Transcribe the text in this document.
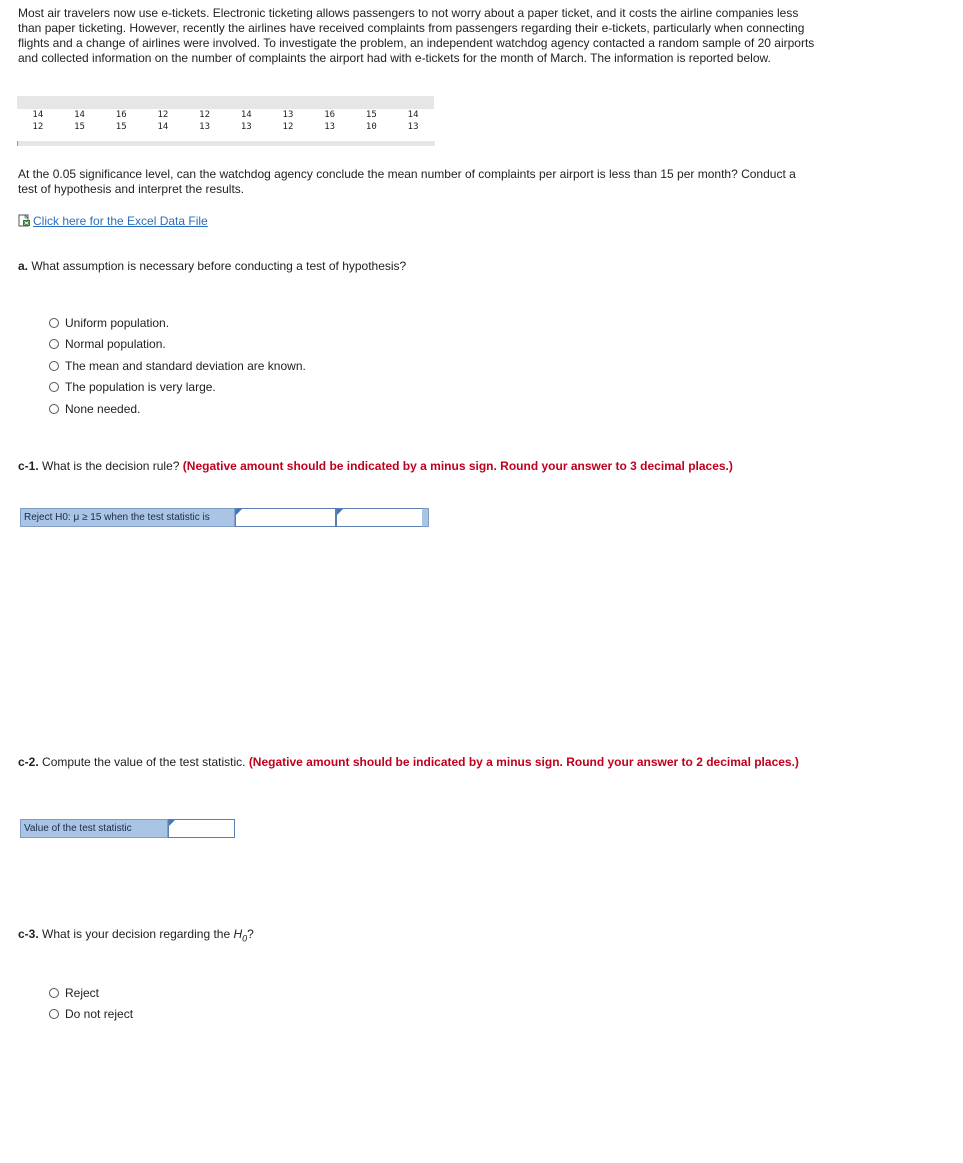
Most air travelers now use e-tickets. Electronic ticketing allows passengers to not worry about a paper ticket, and it costs the airline companies less than paper ticketing. However, recently the airlines have received complaints from passengers regarding their e-tickets, particularly when connecting flights and a change of airlines were involved. To investigate the problem, an independent watchdog agency contacted a random sample of 20 airports and collected information on the number of complaints the airport had with e-tickets for the month of March. The information is reported below.
14	14	16	12	12	14	13	16	15	14
12	15	15	14	13	13	12	13	10	13
At the 0.05 significance level, can the watchdog agency conclude the mean number of complaints per airport is less than 15 per month? Conduct a test of hypothesis and interpret the results.
Click here for the Excel Data File
a. What assumption is necessary before conducting a test of hypothesis?
Uniform population.
Normal population.
The mean and standard deviation are known.
The population is very large.
None needed.
c-1. What is the decision rule? (Negative amount should be indicated by a minus sign. Round your answer to 3 decimal places.)
Reject H0: μ ≥ 15 when the test statistic is
c-2. Compute the value of the test statistic. (Negative amount should be indicated by a minus sign. Round your answer to 2 decimal places.)
Value of the test statistic
c-3. What is your decision regarding the $H_0$?
Reject
Do not reject
